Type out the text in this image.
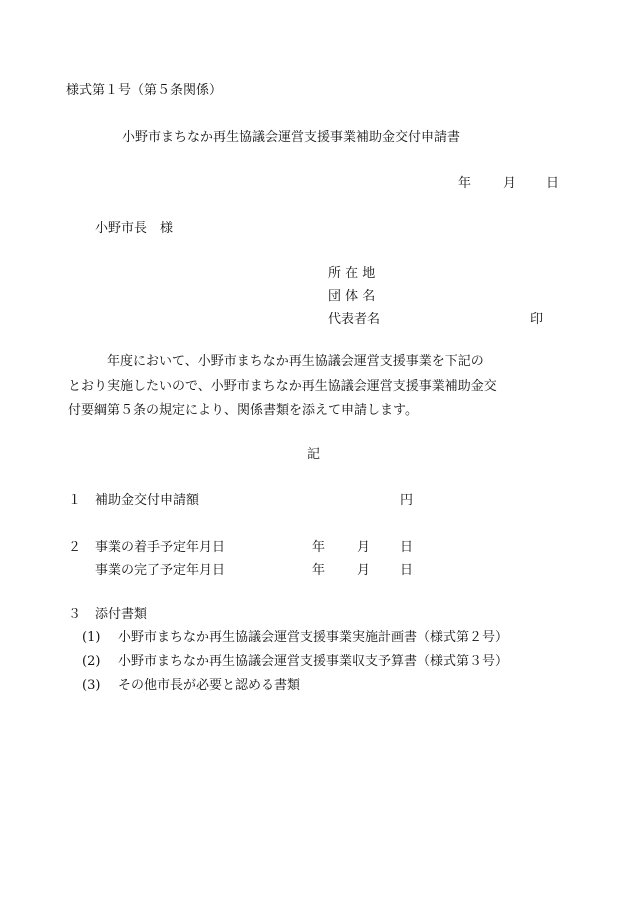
様式第１号（第５条関係）
小野市まちなか再生協議会運営支援事業補助金交付申請書
年 月 日
小野市長　様
所 在 地
団 体 名
代表者名	印
　　　年度において、小野市まちなか再生協議会運営支援事業を下記の
とおり実施したいので、小野市まちなか再生協議会運営支援事業補助金交
付要綱第５条の規定により、関係書類を添えて申請します。
記
１ 補助金交付申請額	円
２ 事業の着手予定年月日	年 月 日
事業の完了予定年月日	年 月 日
３ 添付書類
(1) 小野市まちなか再生協議会運営支援事業実施計画書（様式第２号）
(2) 小野市まちなか再生協議会運営支援事業収支予算書（様式第３号）
(3) その他市長が必要と認める書類
